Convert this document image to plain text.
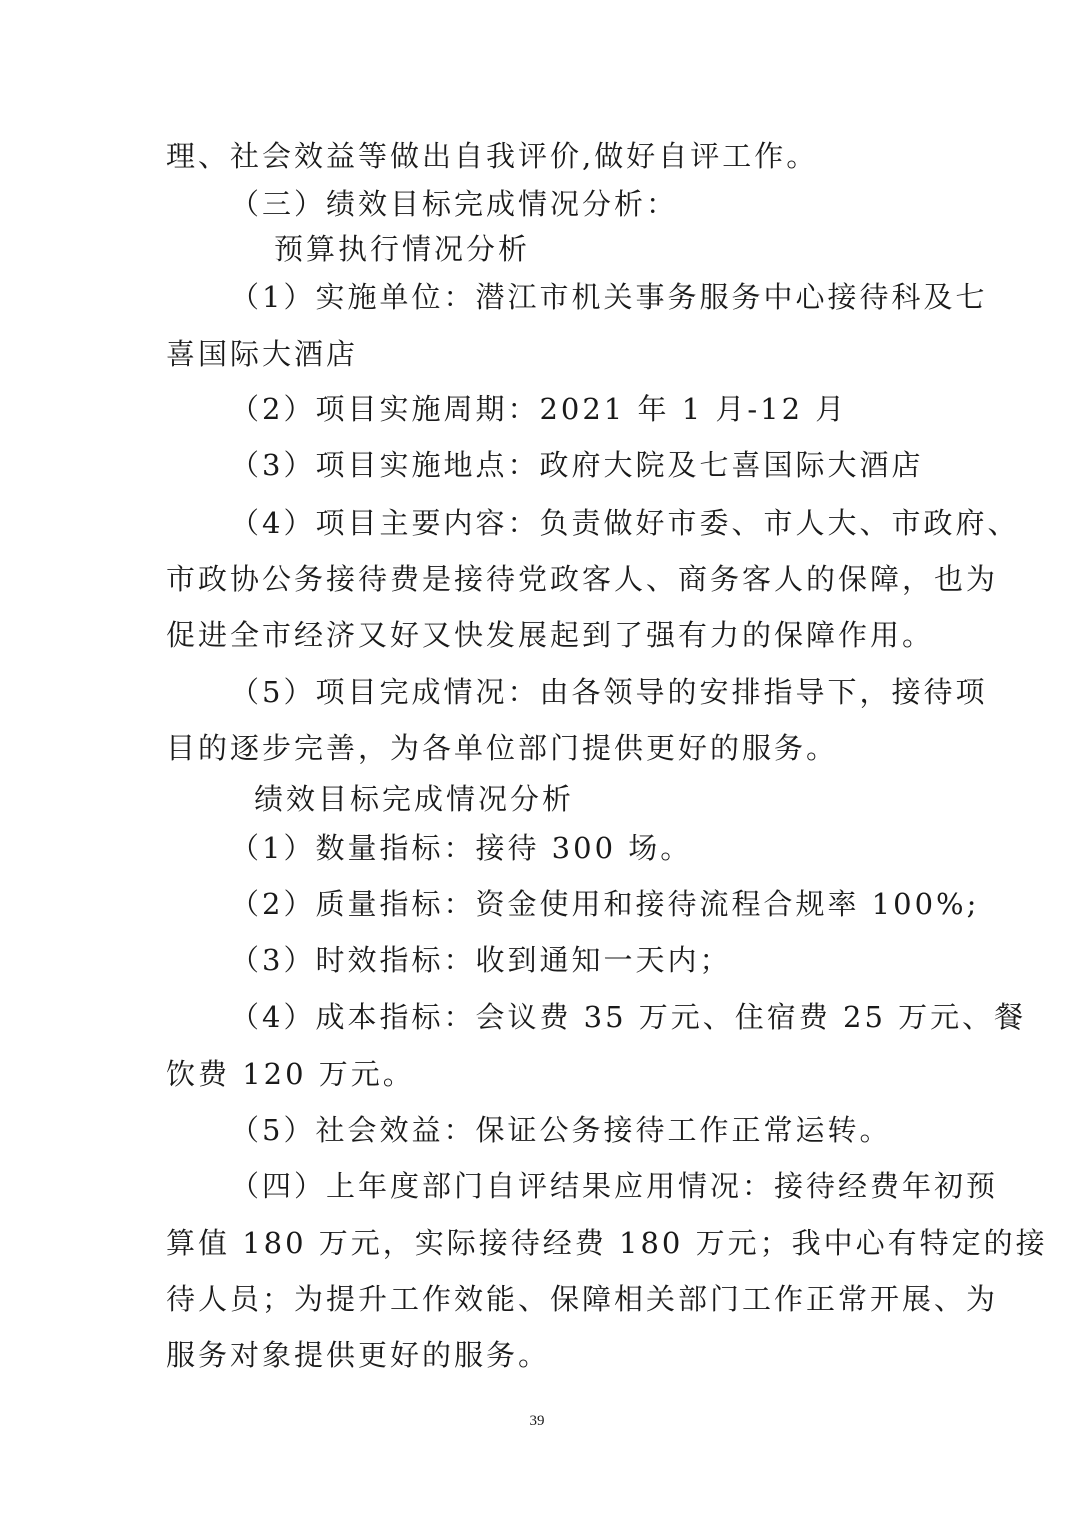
理、社会效益等做出自我评价,做好自评工作。
（三）绩效目标完成情况分析：
预算执行情况分析
（1）实施单位：潜江市机关事务服务中心接待科及七
喜国际大酒店
（2）项目实施周期：2021 年 1 月-12 月
（3）项目实施地点：政府大院及七喜国际大酒店
（4）项目主要内容：负责做好市委、市人大、市政府、
市政协公务接待费是接待党政客人、商务客人的保障，也为
促进全市经济又好又快发展起到了强有力的保障作用。
（5）项目完成情况：由各领导的安排指导下，接待项
目的逐步完善，为各单位部门提供更好的服务。
绩效目标完成情况分析
（1）数量指标：接待 300 场。
（2）质量指标：资金使用和接待流程合规率 100%;
（3）时效指标：收到通知一天内；
（4）成本指标：会议费 35 万元、住宿费 25 万元、餐
饮费 120 万元。
（5）社会效益：保证公务接待工作正常运转。
（四）上年度部门自评结果应用情况：接待经费年初预
算值 180 万元，实际接待经费 180 万元；我中心有特定的接
待人员；为提升工作效能、保障相关部门工作正常开展、为
服务对象提供更好的服务。
39
